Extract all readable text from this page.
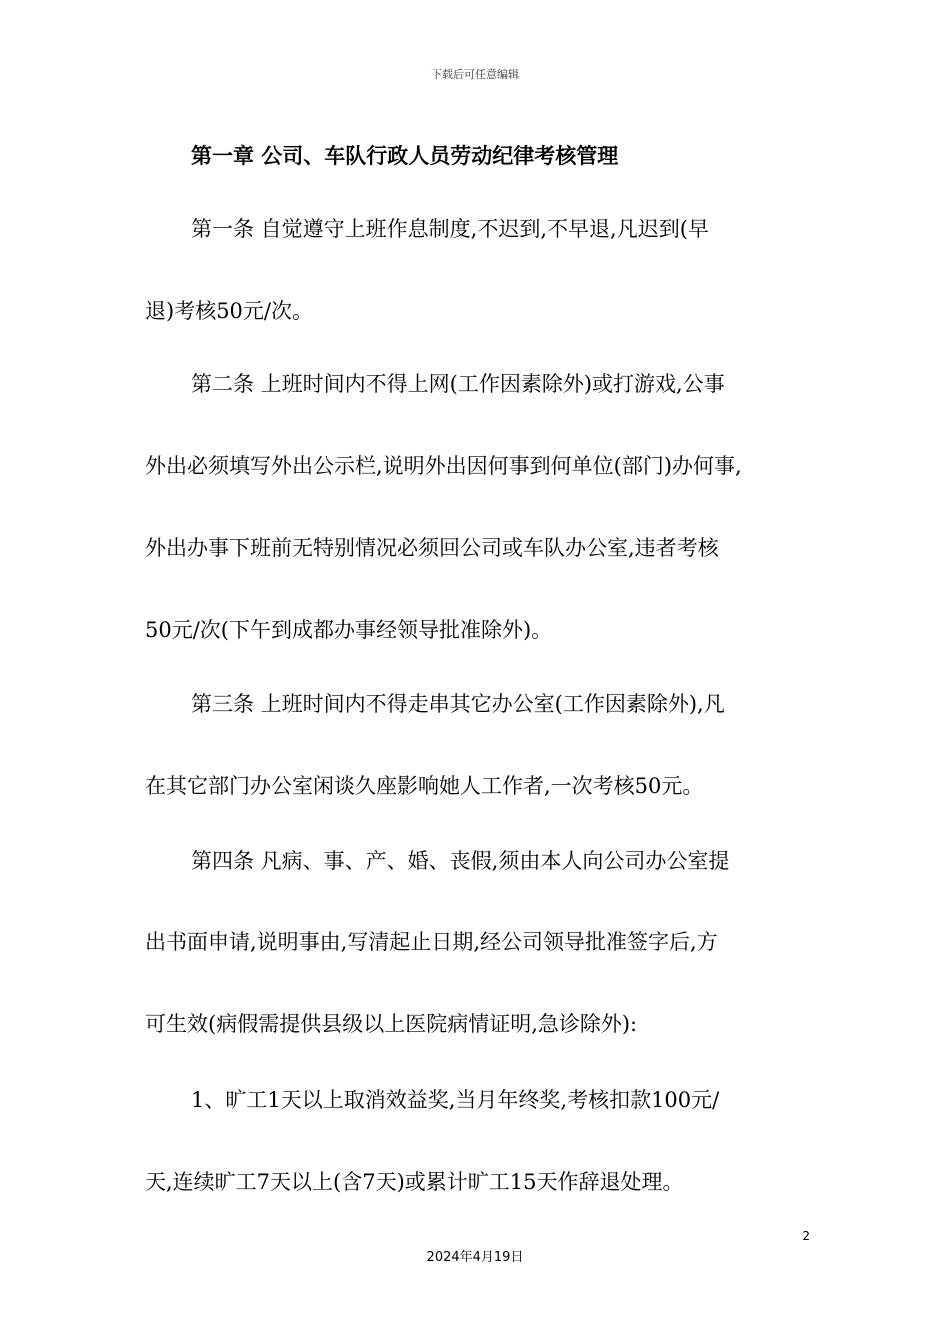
下载后可任意编辑
第一章 公司、车队行政人员劳动纪律考核管理
第一条 自觉遵守上班作息制度,不迟到,不早退,凡迟到(早
退)考核50元/次。
第二条 上班时间内不得上网(工作因素除外)或打游戏,公事
外出必须填写外出公示栏,说明外出因何事到何单位(部门)办何事,
外出办事下班前无特别情况必须回公司或车队办公室,违者考核
50元/次(下午到成都办事经领导批准除外)。
第三条 上班时间内不得走串其它办公室(工作因素除外),凡
在其它部门办公室闲谈久座影响她人工作者,一次考核50元。
第四条 凡病、事、产、婚、丧假,须由本人向公司办公室提
出书面申请,说明事由,写清起止日期,经公司领导批准签字后,方
可生效(病假需提供县级以上医院病情证明,急诊除外):
1、旷工1天以上取消效益奖,当月年终奖,考核扣款100元/
天,连续旷工7天以上(含7天)或累计旷工15天作辞退处理。
2
2024年4月19日
